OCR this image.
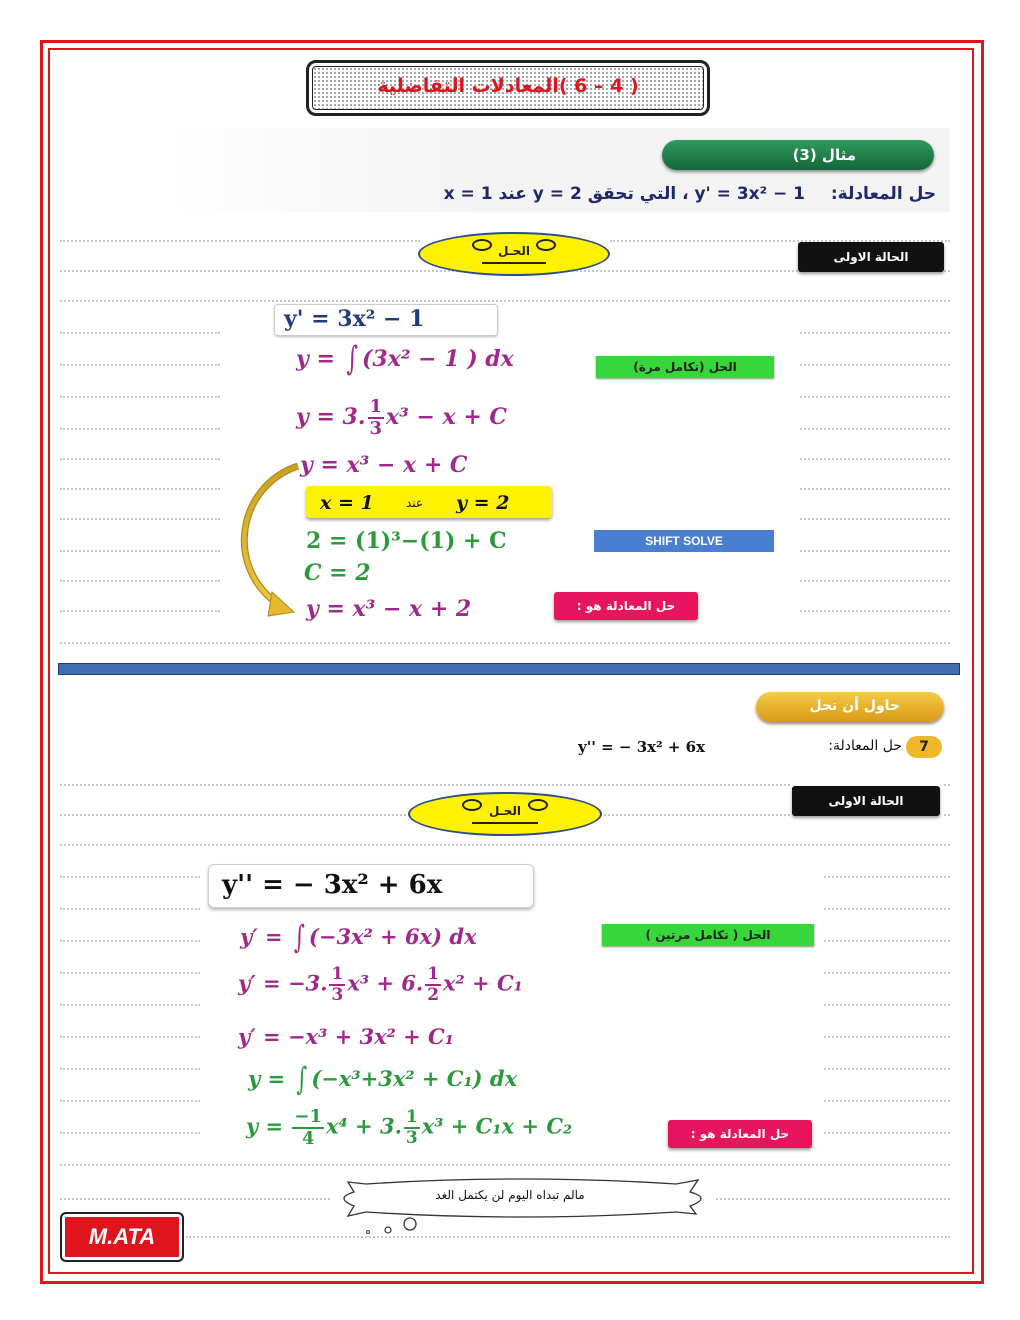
( 4 – 6 )المعادلات التفاضلية
مثال (3)
حل المعادلة:  y' = 3x² − 1 ، التي تحقق 2 = y عند 1 = x
الحـل	الحالة الاولى
y' = 3x² − 1
y = ∫ (3x² − 1 ) dx	الحل (تكامل مرة)
y = 3. $\frac{1}{3} x^3 - x + C$
y = x³ − x + C
x = 1	عند y = 2
2 = (1)³−(1) + C	SHIFT SOLVE
C = 2
y = x³ − x + 2	حل المعادلة هو :
حاول أن تحل
7
حل المعادلة:
y'' = − 3x² + 6x
الحـل
الحالة الاولى
y'' = − 3x² + 6x
y′ = ∫ (−3x² + 6x) dx	الحل ( تكامل مرتين )
y′ = −3. $\frac{1}{3} x^3 + 6$. $\frac{1}{2} x^2 + C_1$
y′ = −x³ + 3x² + C₁
y = ∫ (−x³+3x² + C₁) dx
$y = \frac{-1}{4} x^4 + 3$. $\frac{1}{3} x^3 + C_1x + C_2$	حل المعادلة هو :
مالم تبداه اليوم لن يكتمل الغد
M.ATA
